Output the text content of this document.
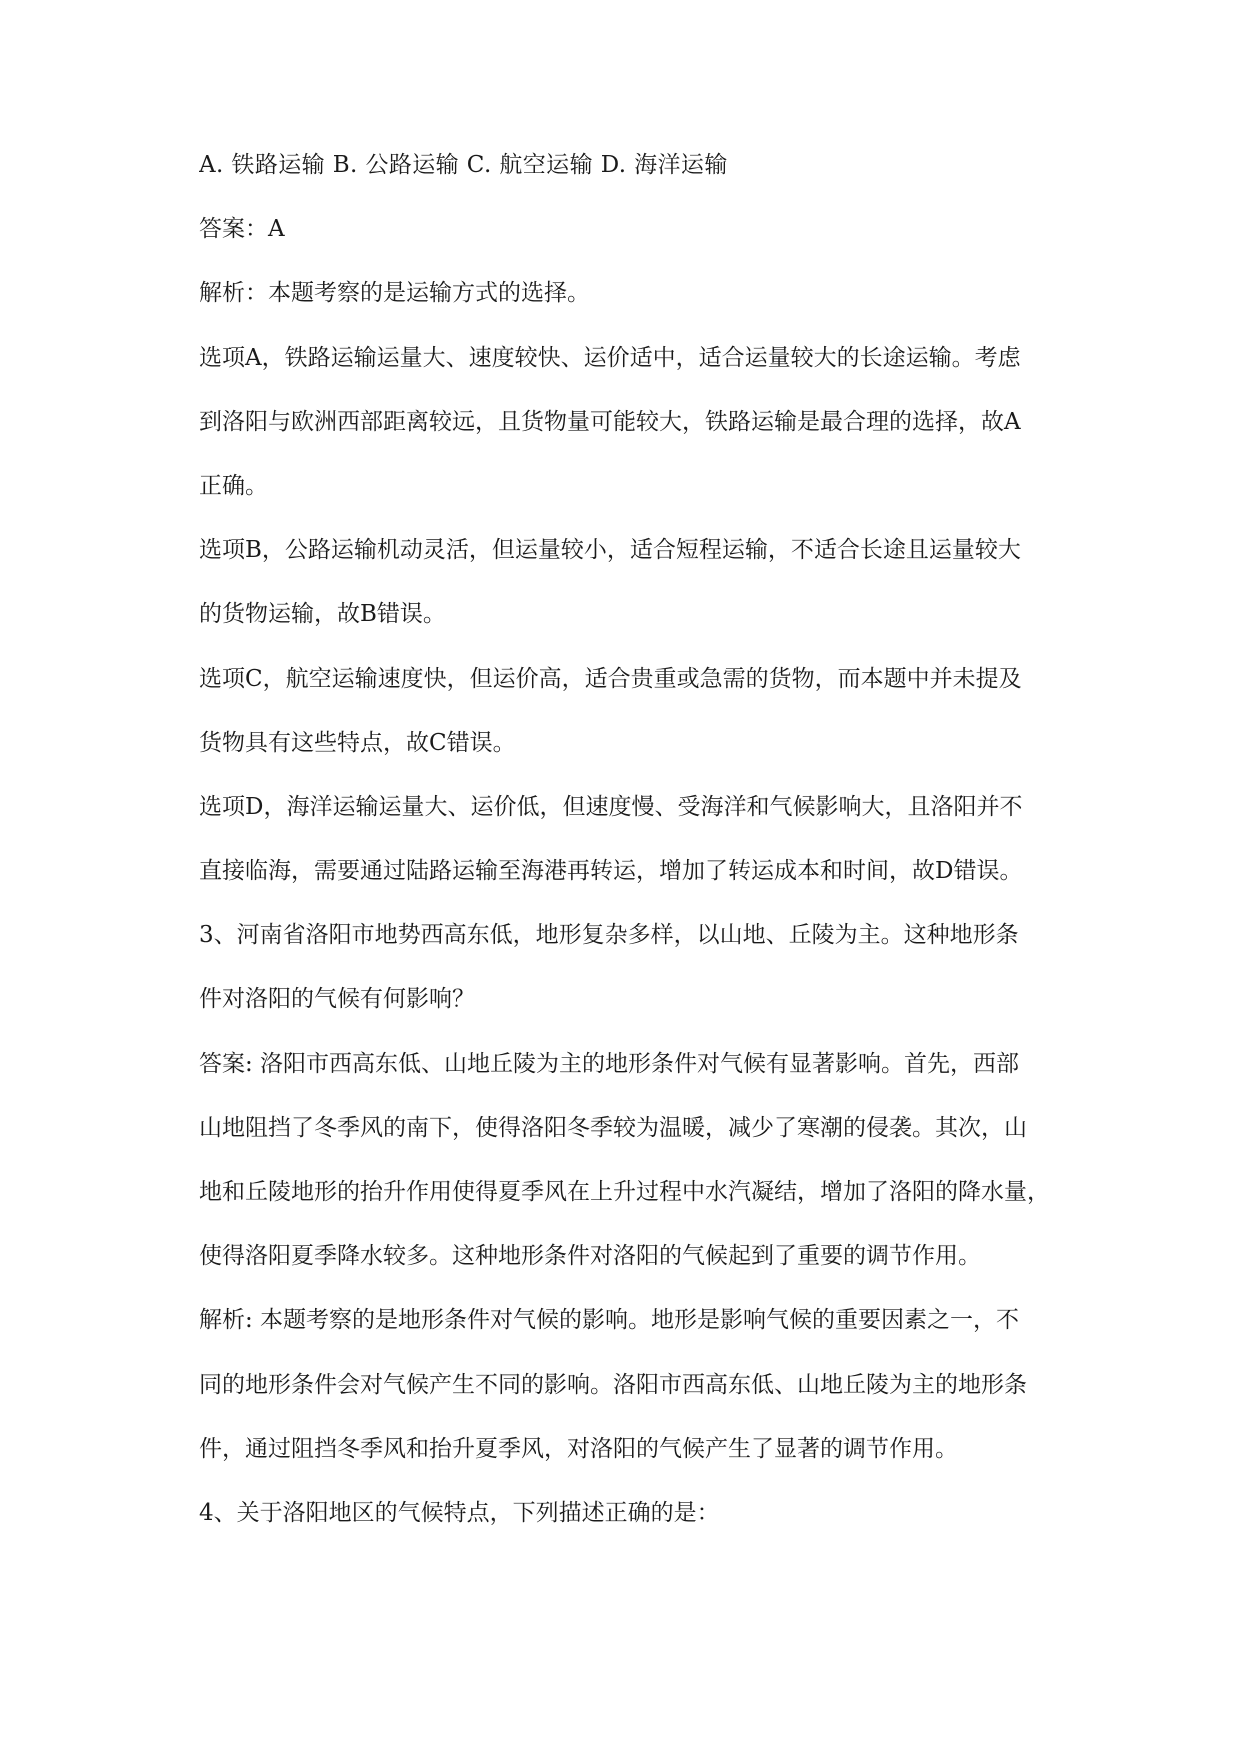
A. 铁路运输 B. 公路运输 C. 航空运输 D. 海洋运输
答案：A
解析：本题考察的是运输方式的选择。
选项A，铁路运输运量大、速度较快、运价适中，适合运量较大的长途运输。考虑
到洛阳与欧洲西部距离较远，且货物量可能较大，铁路运输是最合理的选择，故A
正确。
选项B，公路运输机动灵活，但运量较小，适合短程运输，不适合长途且运量较大
的货物运输，故B错误。
选项C，航空运输速度快，但运价高，适合贵重或急需的货物，而本题中并未提及
货物具有这些特点，故C错误。
选项D，海洋运输运量大、运价低，但速度慢、受海洋和气候影响大，且洛阳并不
直接临海，需要通过陆路运输至海港再转运，增加了转运成本和时间，故D错误。
3、河南省洛阳市地势西高东低，地形复杂多样，以山地、丘陵为主。这种地形条
件对洛阳的气候有何影响？
答案: 洛阳市西高东低、山地丘陵为主的地形条件对气候有显著影响。首先，西部
山地阻挡了冬季风的南下，使得洛阳冬季较为温暖，减少了寒潮的侵袭。其次，山
地和丘陵地形的抬升作用使得夏季风在上升过程中水汽凝结，增加了洛阳的降水量，
使得洛阳夏季降水较多。这种地形条件对洛阳的气候起到了重要的调节作用。
解析: 本题考察的是地形条件对气候的影响。地形是影响气候的重要因素之一，不
同的地形条件会对气候产生不同的影响。洛阳市西高东低、山地丘陵为主的地形条
件，通过阻挡冬季风和抬升夏季风，对洛阳的气候产生了显著的调节作用。
4、关于洛阳地区的气候特点，下列描述正确的是：
